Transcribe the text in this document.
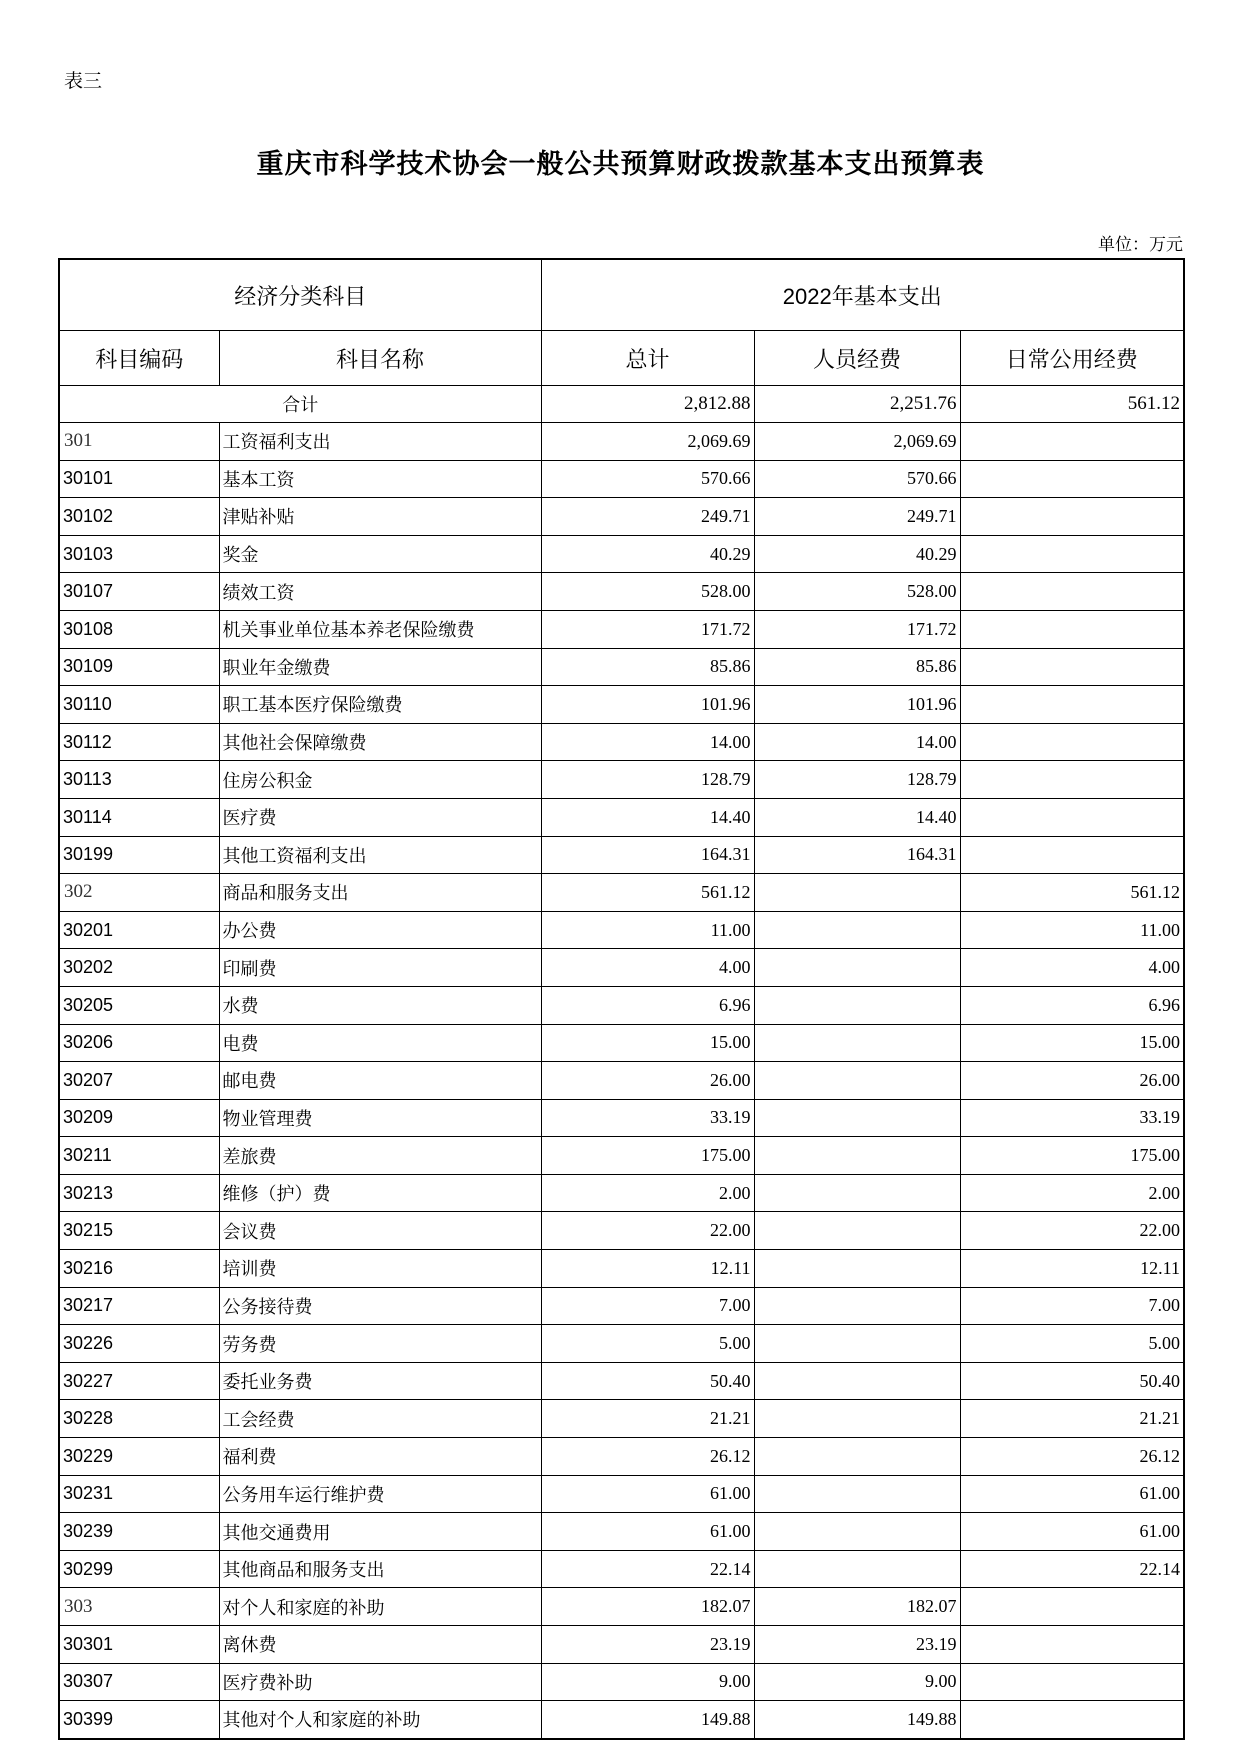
表三
重庆市科学技术协会一般公共预算财政拨款基本支出预算表
单位：万元
经济分类科目		2022年基本支出		
科目编码	科目名称	总计	人员经费	日常公用经费
合计		2,812.88	2,251.76	561.12
301	工资福利支出	2,069.69	2,069.69	
30101	基本工资	570.66	570.66	
30102	津贴补贴	249.71	249.71	
30103	奖金	40.29	40.29	
30107	绩效工资	528.00	528.00	
30108	机关事业单位基本养老保险缴费	171.72	171.72	
30109	职业年金缴费	85.86	85.86	
30110	职工基本医疗保险缴费	101.96	101.96	
30112	其他社会保障缴费	14.00	14.00	
30113	住房公积金	128.79	128.79	
30114	医疗费	14.40	14.40	
30199	其他工资福利支出	164.31	164.31	
302	商品和服务支出	561.12		561.12
30201	办公费	11.00		11.00
30202	印刷费	4.00		4.00
30205	水费	6.96		6.96
30206	电费	15.00		15.00
30207	邮电费	26.00		26.00
30209	物业管理费	33.19		33.19
30211	差旅费	175.00		175.00
30213	维修（护）费	2.00		2.00
30215	会议费	22.00		22.00
30216	培训费	12.11		12.11
30217	公务接待费	7.00		7.00
30226	劳务费	5.00		5.00
30227	委托业务费	50.40		50.40
30228	工会经费	21.21		21.21
30229	福利费	26.12		26.12
30231	公务用车运行维护费	61.00		61.00
30239	其他交通费用	61.00		61.00
30299	其他商品和服务支出	22.14		22.14
303	对个人和家庭的补助	182.07	182.07	
30301	离休费	23.19	23.19	
30307	医疗费补助	9.00	9.00	
30399	其他对个人和家庭的补助	149.88	149.88	
